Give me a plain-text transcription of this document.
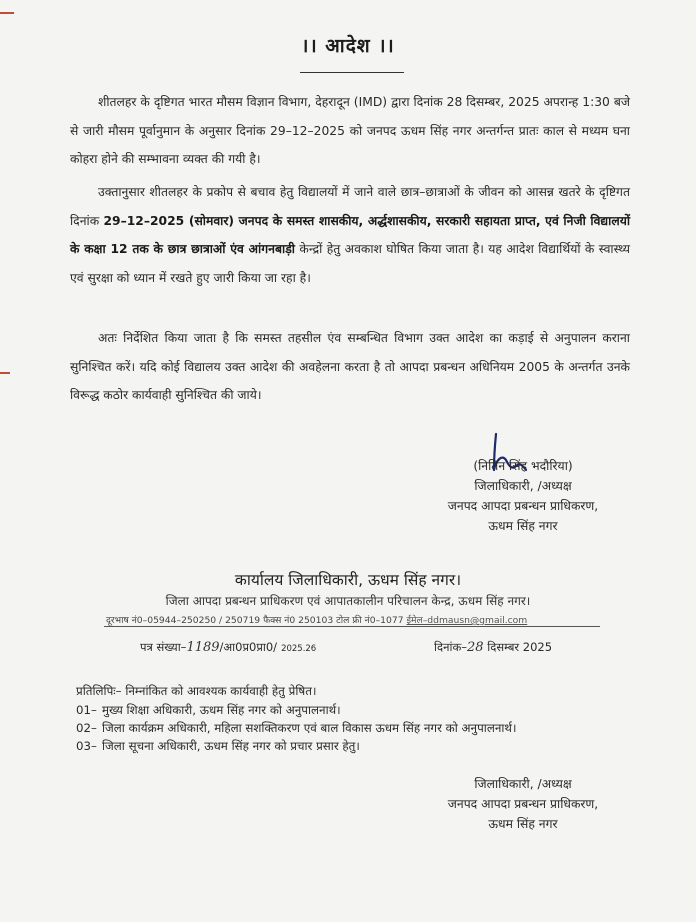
।। आदेश ।।
शीतलहर के दृष्टिगत भारत मौसम विज्ञान विभाग, देहरादून (IMD) द्वारा दिनांक 28 दिसम्बर, 2025 अपरान्ह 1:30 बजे से जारी मौसम पूर्वानुमान के अनुसार दिनांक 29–12–2025 को जनपद ऊधम सिंह नगर अन्तर्गन्त प्रातः काल से मध्यम घना कोहरा होने की सम्भावना व्यक्त की गयी है।
उक्तानुसार शीतलहर के प्रकोप से बचाव हेतु विद्यालयों में जाने वाले छात्र–छात्राओं के जीवन को आसन्न खतरे के दृष्टिगत दिनांक 29–12–2025 (सोमवार) जनपद के समस्त शासकीय, अर्द्धशासकीय, सरकारी सहायता प्राप्त, एवं निजी विद्यालयों के कक्षा 12 तक के छात्र छात्राओं एंव आंगनबाड़ी केन्द्रों हेतु अवकाश घोषित किया जाता है। यह आदेश विद्यार्थियों के स्वास्थ्य एवं सुरक्षा को ध्यान में रखते हुए जारी किया जा रहा है।
अतः निर्देशित किया जाता है कि समस्त तहसील एंव सम्बन्धित विभाग उक्त आदेश का कड़ाई से अनुपालन कराना सुनिश्चित करें। यदि कोई विद्यालय उक्त आदेश की अवहेलना करता है तो आपदा प्रबन्धन अधिनियम 2005 के अन्तर्गत उनके विरूद्ध कठोर कार्यवाही सुनिश्चित की जाये।
(नितिन सिंह भदौरिया)
जिलाधिकारी, /अध्यक्ष
जनपद आपदा प्रबन्धन प्राधिकरण,
ऊधम सिंह नगर
कार्यालय जिलाधिकारी, ऊधम सिंह नगर।
जिला आपदा प्रबन्धन प्राधिकरण एवं आपातकालीन परिचालन केन्द्र, ऊधम सिंह नगर।
दूरभाष नं0–05944–250250 / 250719 फैक्स नं0 250103 टोल फ्री नं0–1077 ईमेल–ddmausn@gmail.com
पत्र संख्या–1189/आ0प्र0प्रा0/ 2025.26	दिनांक–28 दिसम्बर 2025
प्रतिलिपिः– निम्नांकित को आवश्यक कार्यवाही हेतु प्रेषित।
01– मुख्य शिक्षा अधिकारी, ऊधम सिंह नगर को अनुपालनार्थ।
02– जिला कार्यक्रम अधिकारी, महिला सशक्तिकरण एवं बाल विकास ऊधम सिंह नगर को अनुपालनार्थ।
03– जिला सूचना अधिकारी, ऊधम सिंह नगर को प्रचार प्रसार हेतु।
जिलाधिकारी, /अध्यक्ष
जनपद आपदा प्रबन्धन प्राधिकरण,
ऊधम सिंह नगर
